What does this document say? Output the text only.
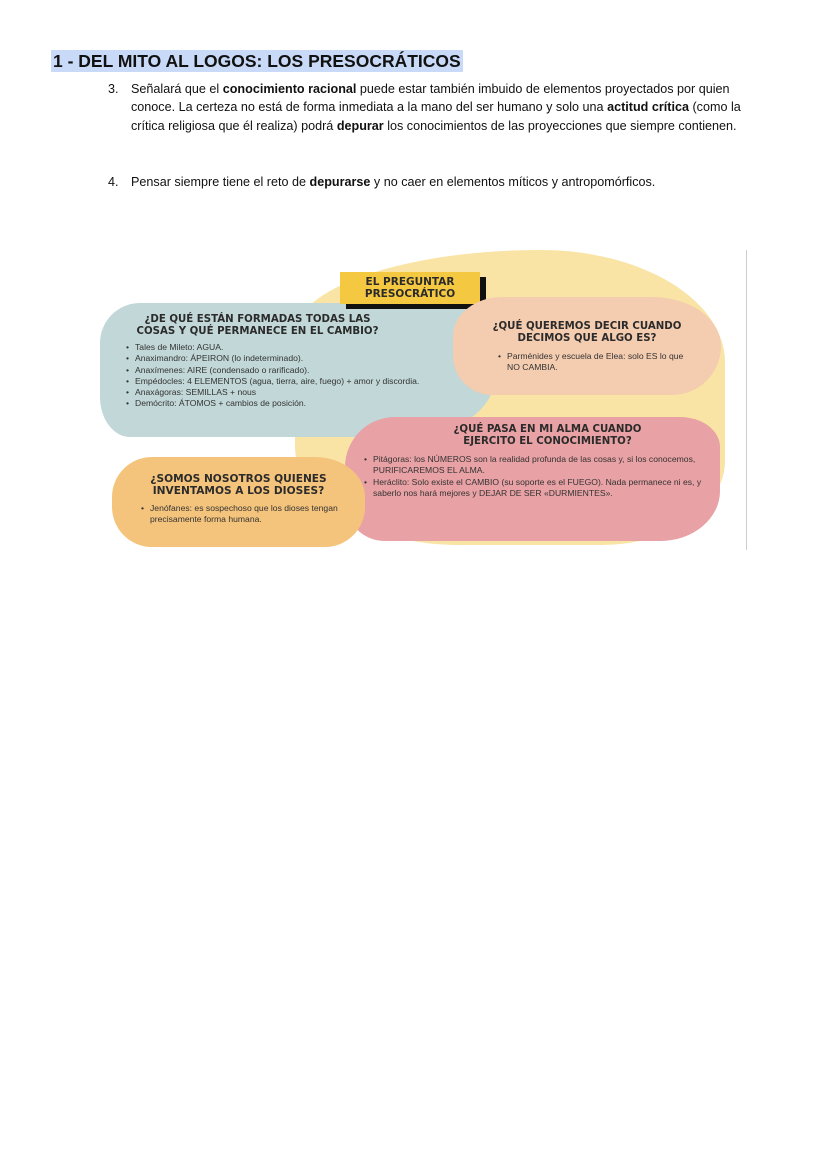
1 - DEL MITO AL LOGOS: LOS PRESOCRÁTICOS
3. Señalará que el conocimiento racional puede estar también imbuido de elementos proyectados por quien conoce. La certeza no está de forma inmediata a la mano del ser humano y solo una actitud crítica (como la crítica religiosa que él realiza) podrá depurar los conocimientos de las proyecciones que siempre contienen.
4. Pensar siempre tiene el reto de depurarse y no caer en elementos míticos y antropomórficos.
¿DE QUÉ ESTÁN FORMADAS TODAS LAS
COSAS Y QUÉ PERMANECE EN EL CAMBIO?
• Tales de Mileto: AGUA.
• Anaximandro: ÁPEIRON (lo indeterminado).
• Anaxímenes: AIRE (condensado o rarificado).
• Empédocles: 4 ELEMENTOS (agua, tierra, aire, fuego) + amor y discordia.
• Anaxágoras: SEMILLAS + nous
• Demócrito: ÁTOMOS + cambios de posición.
EL PREGUNTAR
PRESOCRÁTICO
¿QUÉ QUEREMOS DECIR CUANDO
DECIMOS QUE ALGO ES?
• Parménides y escuela de Elea: solo ES lo que NO CAMBIA.
¿QUÉ PASA EN MI ALMA CUANDO
EJERCITO EL CONOCIMIENTO?
• Pitágoras: los NÚMEROS son la realidad profunda de las cosas y, si los conocemos, PURIFICAREMOS EL ALMA.
• Heráclito: Solo existe el CAMBIO (su soporte es el FUEGO). Nada permanece ni es, y saberlo nos hará mejores y DEJAR DE SER «DURMIENTES».
¿SOMOS NOSOTROS QUIENES
INVENTAMOS A LOS DIOSES?
• Jenófanes: es sospechoso que los dioses tengan precisamente forma humana.
